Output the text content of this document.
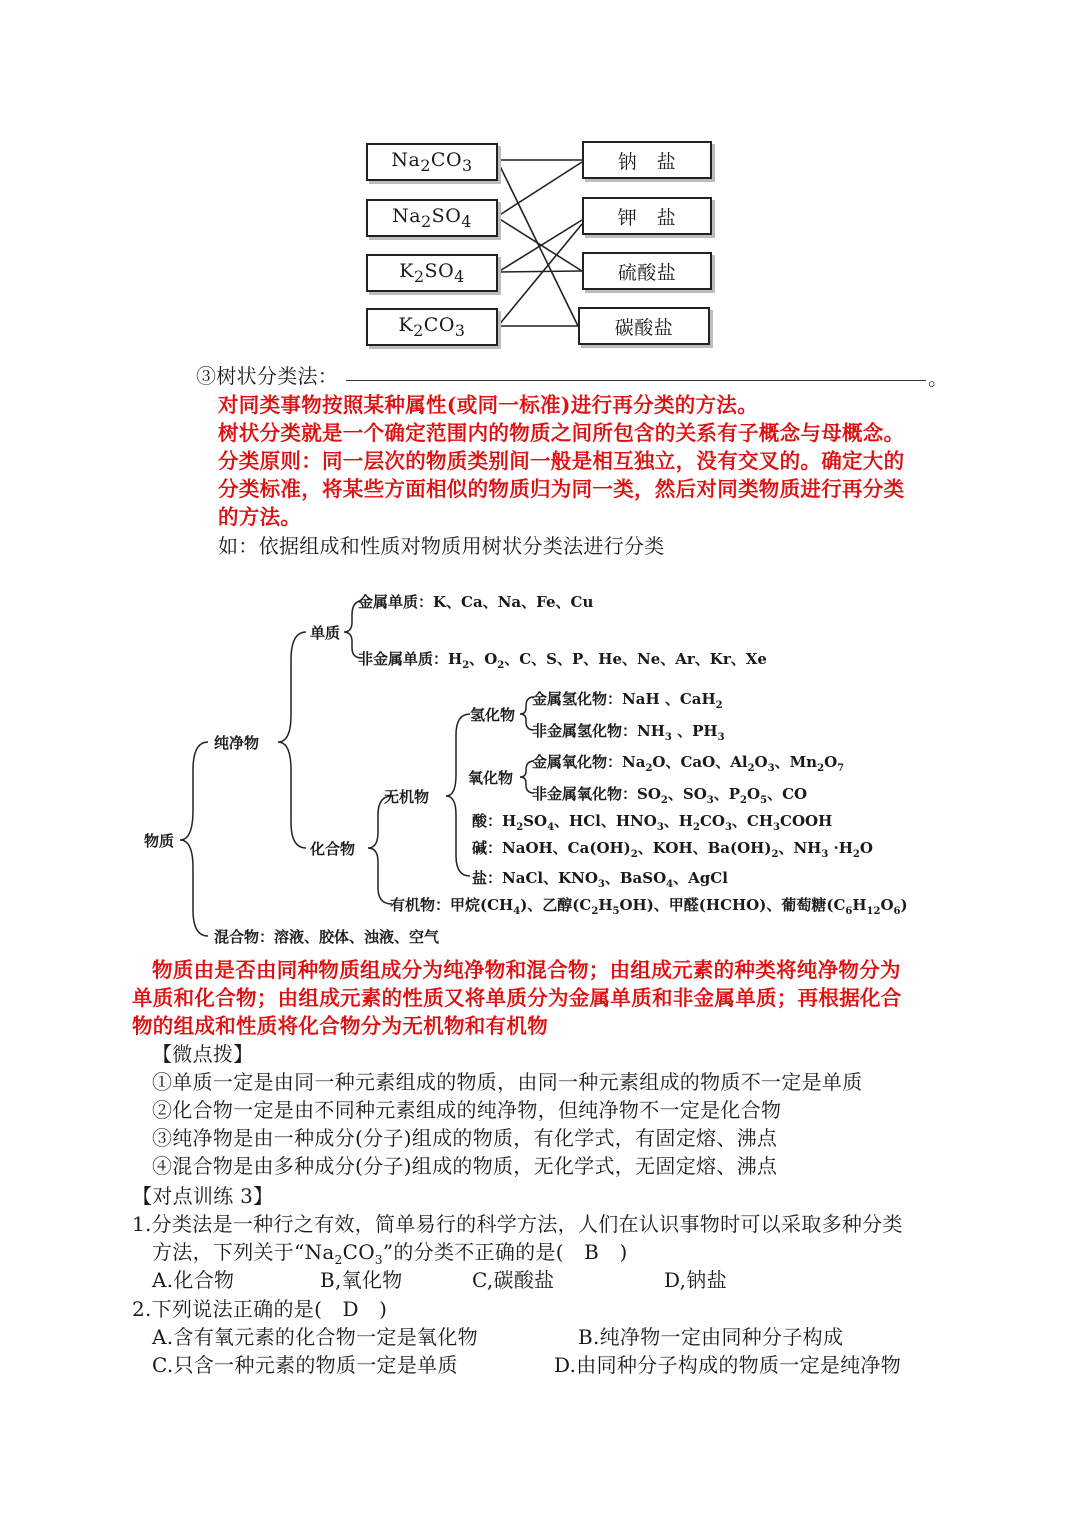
$Na_2CO_3$
$Na_2SO_4$
$K_2SO_4$
$K_2CO_3$
钠　盐
钾　盐
硫酸盐
碳酸盐
③树状分类法：	。
对同类事物按照某种属性(或同一标准)进行再分类的方法。
树状分类就是一个确定范围内的物质之间所包含的关系有子概念与母概念。
分类原则：同一层次的物质类别间一般是相互独立，没有交叉的。确定大的
分类标准，将某些方面相似的物质归为同一类，然后对同类物质进行再分类
的方法。
如：依据组成和性质对物质用树状分类法进行分类
物质
纯净物
单质
金属单质：K、Ca、Na、Fe、Cu
非金属单质：$H_2$、$O_2$、C、S、P、He、Ne、Ar、Kr、Xe
化合物
无机物
氢化物
金属氢化物：NaH 、CaH$_2$
非金属氢化物：$NH_3$ 、$PH_3$
氧化物
金属氧化物：$Na_2O$、CaO、$Al_2O_3$、$Mn_2O_7$
非金属氧化物：$SO_2$、$SO_3$、$P_2O_5$、CO
酸：$H_2SO_4$、HCl、$HNO_3$、$H_2CO_3$、$CH_3COOH$
碱：NaOH、$Ca(OH)_2$、KOH、$Ba(OH)_2$、$NH_3 \cdot H_2O$
盐：NaCl、$KNO_3$、BaSO$_4$、AgCl
有机物：甲烷$(CH_4)$、乙醇$(C_2H_5OH)$、甲醛(HCHO)、葡萄糖$(C_6H_{12}O_6)$
混合物：溶液、胶体、浊液、空气
物质由是否由同种物质组成分为纯净物和混合物；由组成元素的种类将纯净物分为
单质和化合物；由组成元素的性质又将单质分为金属单质和非金属单质；再根据化合
物的组成和性质将化合物分为无机物和有机物
【微点拨】
①单质一定是由同一种元素组成的物质，由同一种元素组成的物质不一定是单质
②化合物一定是由不同种元素组成的纯净物，但纯净物不一定是化合物
③纯净物是由一种成分(分子)组成的物质，有化学式，有固定熔、沸点
④混合物是由多种成分(分子)组成的物质，无化学式，无固定熔、沸点
【对点训练 3】
1.分类法是一种行之有效，简单易行的科学方法，人们在认识事物时可以采取多种分类
方法，下列关于“$Na_2CO_3$”的分类不正确的是(　B　)
A.化合物	B,氧化物	C,碳酸盐	D,钠盐
2.下列说法正确的是(　D　)
A.含有氧元素的化合物一定是氧化物	B.纯净物一定由同种分子构成
C.只含一种元素的物质一定是单质	D.由同种分子构成的物质一定是纯净物
